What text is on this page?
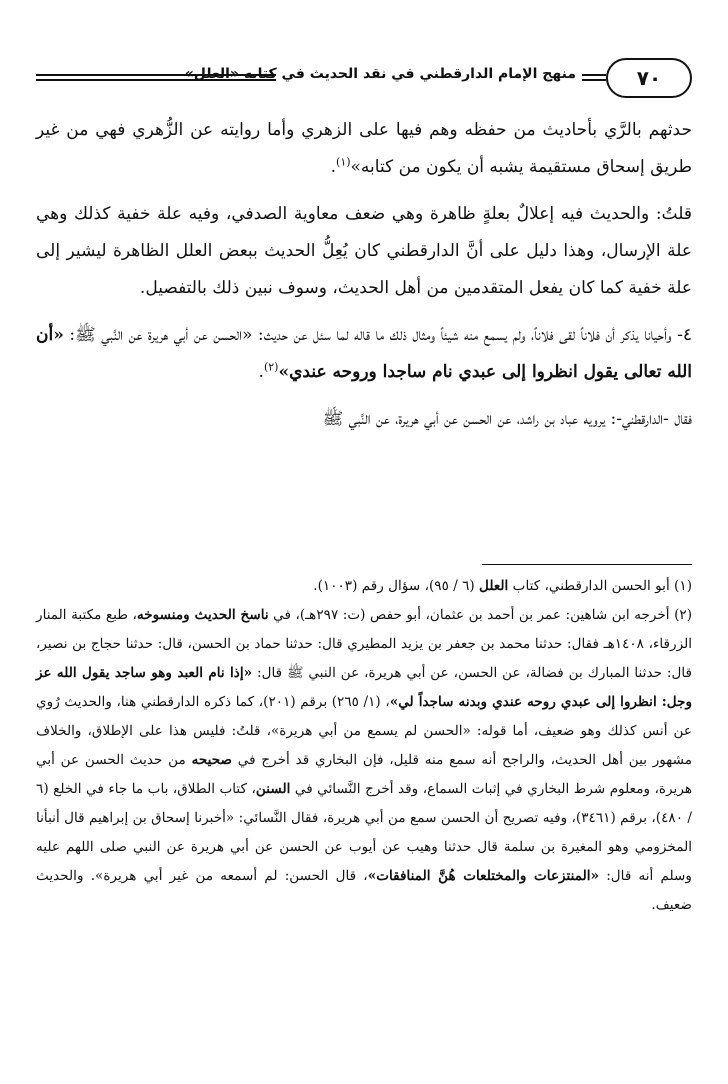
٧٠
منهج الإمام الدارقطني في نقد الحديث في كتابه «العلل»

حدثهم بالرَّي بأحاديث من حفظه وهم فيها على الزهري وأما روايته عن الزُّهري فهي من غير طريق إسحاق مستقيمة يشبه أن يكون من كتابه»$^{(١)}$.

قلتُ: والحديث فيه إعلالٌ بعلةٍ ظاهرة وهي ضعف معاوية الصدفي، وفيه علة خفية كذلك وهي علة الإرسال، وهذا دليل على أنَّ الدارقطني كان يُعِلُّ الحديث ببعض العلل الظاهرة ليشير إلى علة خفية كما كان يفعل المتقدمين من أهل الحديث، وسوف نبين ذلك بالتفصيل.

٤- وأحيانا يذكر أن فلاناً لقى فلاناً، ولم يسمع منه شيئاً ومثال ذلك ما قاله لما سئل عن حديث: «الحسن عن أبي هريرة عن النَّبي ﷺ: «أن الله تعالى يقول انظروا إلى عبدي نام ساجدا وروحه عندي»$^{(٢)}$.

فقال -الدارقطني-: يرويه عباد بن راشد، عن الحسن عن أبي هريرة، عن النَّبي ﷺ

(١) أبو الحسن الدارقطني، كتاب العلل (٦ / ٩٥)، سؤال رقم (١٠٠٣).

(٢) أخرجه ابن شاهين: عمر بن أحمد بن عثمان، أبو حفص (ت: ٢٩٧هـ)، في ناسخ الحديث ومنسوخه، طبع مكتبة المنار الزرقاء، ١٤٠٨هـ فقال: حدثنا محمد بن جعفر بن يزيد المطيري قال: حدثنا حماد بن الحسن، قال: حدثنا حجاج بن نصير، قال: حدثنا المبارك بن فضالة، عن الحسن، عن أبي هريرة، عن النبي ﷺ قال: «إذا نام العبد وهو ساجد يقول الله عز وجل: انظروا إلى عبدي روحه عندي وبدنه ساجداً لي»، (١/ ٢٦٥) برقم (٢٠١)، كما ذكره الدارقطني هنا، والحديث رُوي عن أنس كذلك وهو ضعيف، أما قوله: «الحسن لم يسمع من أبي هريرة»، قلتُ: فليس هذا على الإطلاق، والخلاف مشهور بين أهل الحديث، والراجح أنه سمع منه قليل، فإن البخاري قد أخرج في صحيحه من حديث الحسن عن أبي هريرة، ومعلوم شرط البخاري في إثبات السماع، وقد أخرج النَّسائي في السنن، كتاب الطلاق، باب ما جاء في الخلع (٦ / ٤٨٠)، برقم (٣٤٦١)، وفيه تصريح أن الحسن سمع من أبي هريرة، فقال النَّسائي: «أخبرنا إسحاق بن إبراهيم قال أنبأنا المخزومي وهو المغيرة بن سلمة قال حدثنا وهيب عن أيوب عن الحسن عن أبي هريرة عن النبي صلى اللهم عليه وسلم أنه قال: «المنتزعات والمختلعات هُنَّ المنافقات»، قال الحسن: لم أسمعه من غير أبي هريرة». والحديث ضعيف.
